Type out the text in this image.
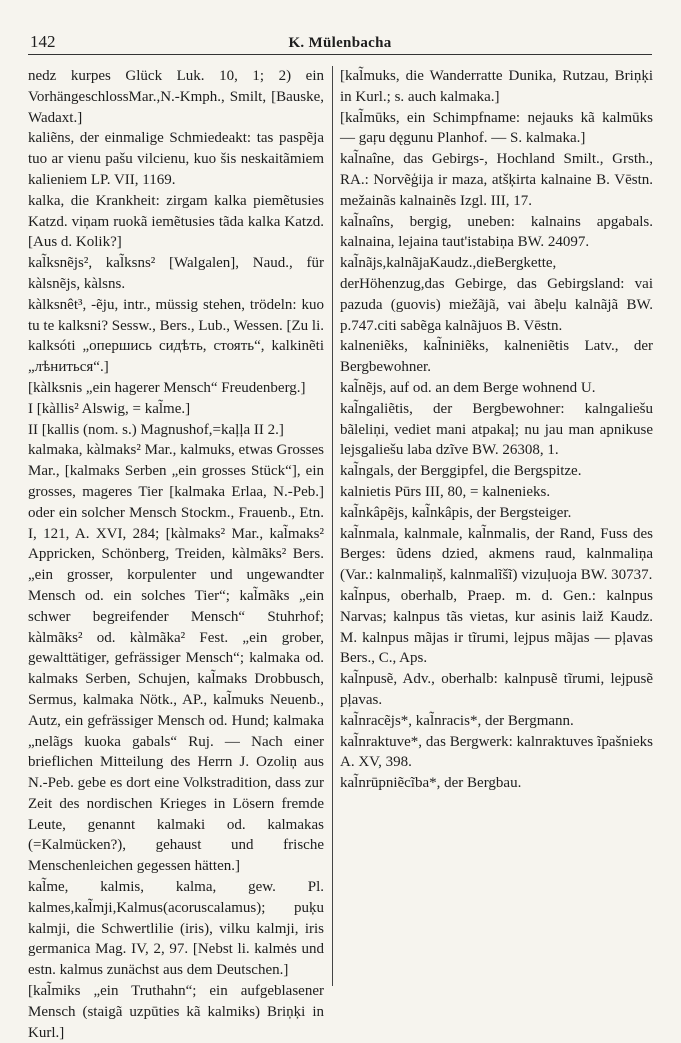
142	K. Mülenbacha

nedz kurpes Glück Luk. 10, 1; 2) ein VorhängeschlossMar.,N.-Kmph., Smilt, [Bauske, Wadaxt.]

kaliẽns, der einmalige Schmiedeakt: tas paspẽja tuo ar vienu pašu vilcienu, kuo šis neskaitãmiem kalieniem LP. VII, 1169.

kalka, die Krankheit: zirgam kalka piemẽtusies Katzd. viņam ruokã iemẽtusies tãda kalka Katzd. [Aus d. Kolik?]

kal̃ksnẽjs², kal̃ksns² [Walgalen], Naud., für kàlsnẽjs, kàlsns.

kàlksnêt³, -ẽju, intr., müssig stehen, trödeln: kuo tu te kalksni? Sessw., Bers., Lub., Wessen. [Zu li. kalksóti „опершись сидѣть, стоять“, kalkinẽti „лѣниться“.]

[kàlksnis „ein hagerer Mensch“ Freudenberg.]

I [kàllis² Alswig, = kal̃me.]

II [kallis (nom. s.) Magnushof,=kaļļa II 2.]

kalmaka, kàlmaks² Mar., kalmuks, etwas Grosses Mar., [kalmaks Serben „ein grosses Stück“], ein grosses, mageres Tier [kalmaka Erlaa, N.-Peb.] oder ein solcher Mensch Stockm., Frauenb., Etn. I, 121, A. XVI, 284; [kàlmaks² Mar., kal̃maks² Appricken, Schönberg, Treiden, kàlmãks² Bers. „ein grosser, korpulenter und ungewandter Mensch od. ein solches Tier“; kal̃mãks „ein schwer begreifender Mensch“ Stuhrhof; kàlmãks² od. kàlmãka² Fest. „ein grober, gewalttätiger, gefrässiger Mensch“; kalmaka od. kalmaks Serben, Schujen, kal̃maks Drobbusch, Sermus, kalmaka Nötk., AP., kal̃muks Neuenb., Autz, ein gefrässiger Mensch od. Hund; kalmaka „nelãgs kuoka gabals“ Ruj. — Nach einer brieflichen Mitteilung des Herrn J. Ozoliņ aus N.-Peb. gebe es dort eine Volkstradition, dass zur Zeit des nordischen Krieges in Lösern fremde Leute, genannt kalmaki od. kalmakas (=Kalmücken?), gehaust und frische Menschenleichen gegessen hätten.]

kal̃me, kalmis, kalma, gew. Pl. kalmes,kal̃mji,Kalmus(acoruscalamus); puķu kalmji, die Schwertlilie (iris), vilku kalmji, iris germanica Mag. IV, 2, 97. [Nebst li. kalmės und estn. kalmus zunächst aus dem Deutschen.]

[kal̃miks „ein Truthahn“; ein aufgeblasener Mensch (staigã uzpūties kã kalmiks) Briņķi in Kurl.]

[kal̃muks, die Wanderratte Dunika, Rutzau, Briņķi in Kurl.; s. auch kalmaka.]

[kal̃mūks, ein Schimpfname: nejauks kã kalmūks — gaŗu dęgunu Planhof. — S. kalmaka.]

kal̃naîne, das Gebirgs-, Hochland Smilt., Grsth., RA.: Norvẽģija ir maza, atšķirta kalnaine B. Vēstn. mežainãs kalnainẽs Izgl. III, 17.

kal̃naîns, bergig, uneben: kalnains apgabals. kalnaina, lejaina taut'istabiņa BW. 24097.

kal̃nãjs,kalnãjaKaudz.,dieBergkette, derHöhenzug,das Gebirge, das Gebirgsland: vai pazuda (guovis) miežãjã, vai ãbeļu kalnãjã BW. p.747.citi sabẽga kalnãjuos B. Vēstn.

kalneniẽks, kal̃niniẽks, kalneniẽtis Latv., der Bergbewohner.

kal̃nẽjs, auf od. an dem Berge wohnend U.

kal̃ngaliẽtis, der Bergbewohner: kalngaliešu bãleliņi, vediet mani atpakaļ; nu jau man apnikuse lejsgaliešu laba dzĩve BW. 26308, 1.

kal̃ngals, der Berggipfel, die Bergspitze.

kalnietis Pūrs III, 80, = kalnenieks.

kal̃nkâpẽjs, kal̃nkâpis, der Bergsteiger.

kal̃nmala, kalnmale, kal̃nmalis, der Rand, Fuss des Berges: ũdens dzied, akmens raud, kalnmaliņa (Var.: kalnmaliņš, kalnmalĩšĩ) vizuļuoja BW. 30737.

kal̃npus, oberhalb, Praep. m. d. Gen.: kalnpus Narvas; kalnpus tãs vietas, kur asinis laiž Kaudz. M. kalnpus mãjas ir tĩrumi, lejpus mãjas — pļavas Bers., C., Aps.

kal̃npusẽ, Adv., oberhalb: kalnpusẽ tĩrumi, lejpusẽ pļavas.

kal̃nracẽjs*, kal̃nracis*, der Bergmann.

kal̃nraktuve*, das Bergwerk: kalnraktuves ĩpašnieks A. XV, 398.

kal̃nrūpniẽcĩba*, der Bergbau.
